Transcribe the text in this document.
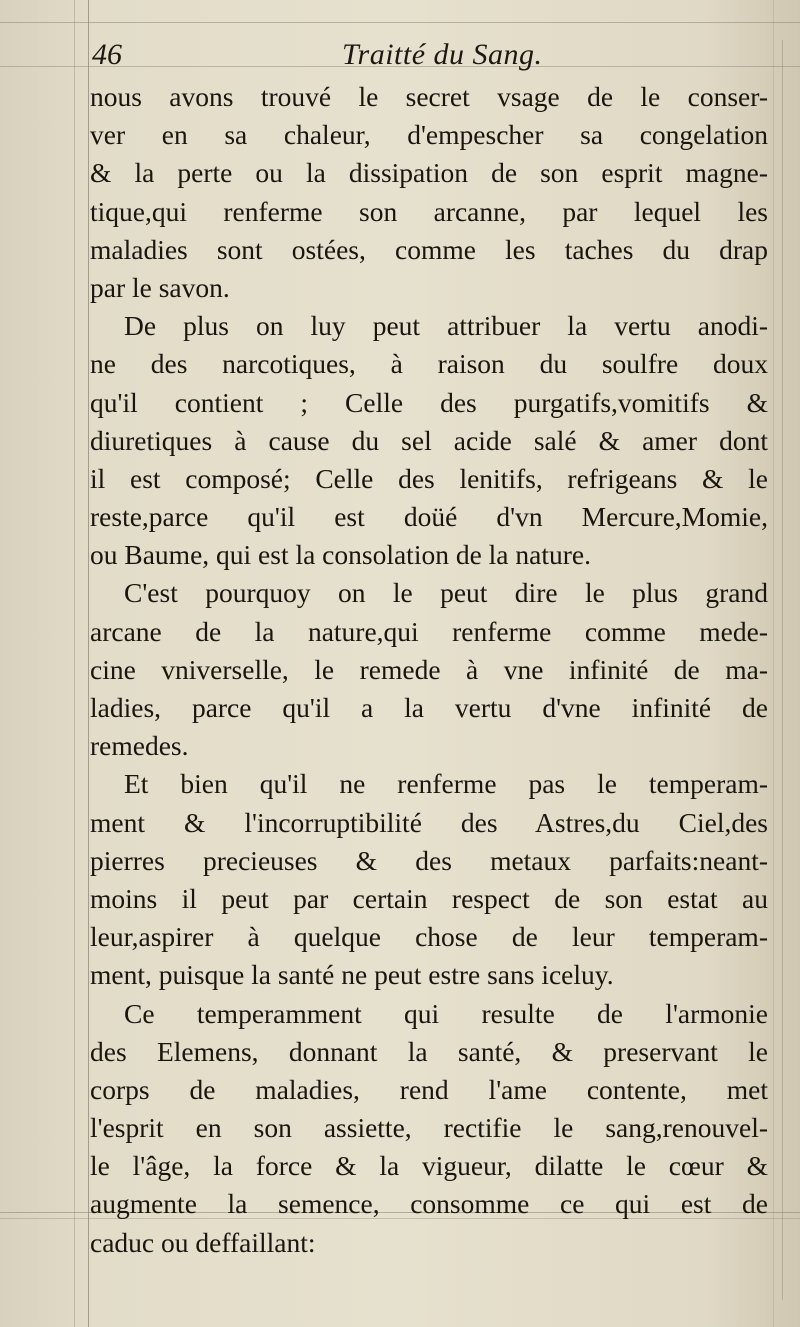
46	Traitté du Sang.
nous avons trouvé le secret vsage de le conser-
ver en sa chaleur, d'empescher sa congelation
& la perte ou la dissipation de son esprit magne-
tique,qui renferme son arcanne, par lequel les
maladies sont ostées, comme les taches du drap
par le savon.
De plus on luy peut attribuer la vertu anodi-
ne des narcotiques, à raison du soulfre doux
qu'il contient ; Celle des purgatifs,vomitifs &
diuretiques à cause du sel acide salé & amer dont
il est composé; Celle des lenitifs, refrigeans & le
reste,parce qu'il est doüé d'vn Mercure,Momie,
ou Baume, qui est la consolation de la nature.
C'est pourquoy on le peut dire le plus grand
arcane de la nature,qui renferme comme mede-
cine vniverselle, le remede à vne infinité de ma-
ladies, parce qu'il a la vertu d'vne infinité de
remedes.
Et bien qu'il ne renferme pas le temperam-
ment & l'incorruptibilité des Astres,du Ciel,des
pierres precieuses & des metaux parfaits:neant-
moins il peut par certain respect de son estat au
leur,aspirer à quelque chose de leur temperam-
ment, puisque la santé ne peut estre sans iceluy.
Ce temperamment qui resulte de l'armonie
des Elemens, donnant la santé, & preservant le
corps de maladies, rend l'ame contente, met
l'esprit en son assiette, rectifie le sang,renouvel-
le l'âge, la force & la vigueur, dilatte le cœur &
augmente la semence, consomme ce qui est de
caduc ou deffaillant:
